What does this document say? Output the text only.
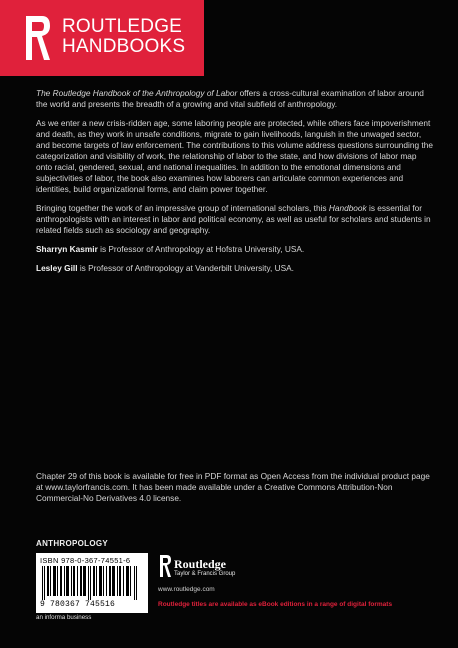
ROUTLEDGE
HANDBOOKS

The Routledge Handbook of the Anthropology of Labor offers a cross-cultural examination of labor around the world and presents the breadth of a growing and vital subfield of anthropology.

As we enter a new crisis-ridden age, some laboring people are protected, while others face impoverishment and death, as they work in unsafe conditions, migrate to gain livelihoods, languish in the unwaged sector, and become targets of law enforcement. The contributions to this volume address questions surrounding the categorization and visibility of work, the relationship of labor to the state, and how divisions of labor map onto racial, gendered, sexual, and national inequalities. In addition to the emotional dimensions and subjectivities of labor, the book also examines how laborers can articulate common experiences and identities, build organizational forms, and claim power together.

Bringing together the work of an impressive group of international scholars, this Handbook is essential for anthropologists with an interest in labor and political economy, as well as useful for scholars and students in related fields such as sociology and geography.

Sharryn Kasmir is Professor of Anthropology at Hofstra University, USA.

Lesley Gill is Professor of Anthropology at Vanderbilt University, USA.

Chapter 29 of this book is available for free in PDF format as Open Access from the individual product page at www.taylorfrancis.com. It has been made available under a Creative Commons Attribution-Non Commercial-No Derivatives 4.0 license.
ANTHROPOLOGY
ISBN 978-0-367-74551-6
9 780367 745516
an informa business
Routledge
Taylor & Francis Group
www.routledge.com
Routledge titles are available as eBook editions in a range of digital formats
